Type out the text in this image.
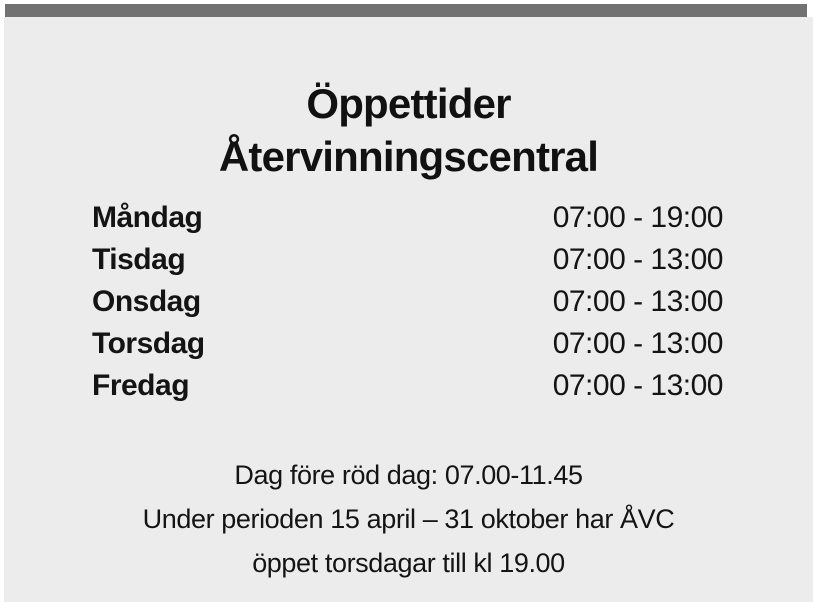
Öppettider
Återvinningscentral
Måndag	07:00 - 19:00
Tisdag	07:00 - 13:00
Onsdag	07:00 - 13:00
Torsdag	07:00 - 13:00
Fredag	07:00 - 13:00
Dag före röd dag: 07.00-11.45
Under perioden 15 april – 31 oktober har ÅVC
öppet torsdagar till kl 19.00
